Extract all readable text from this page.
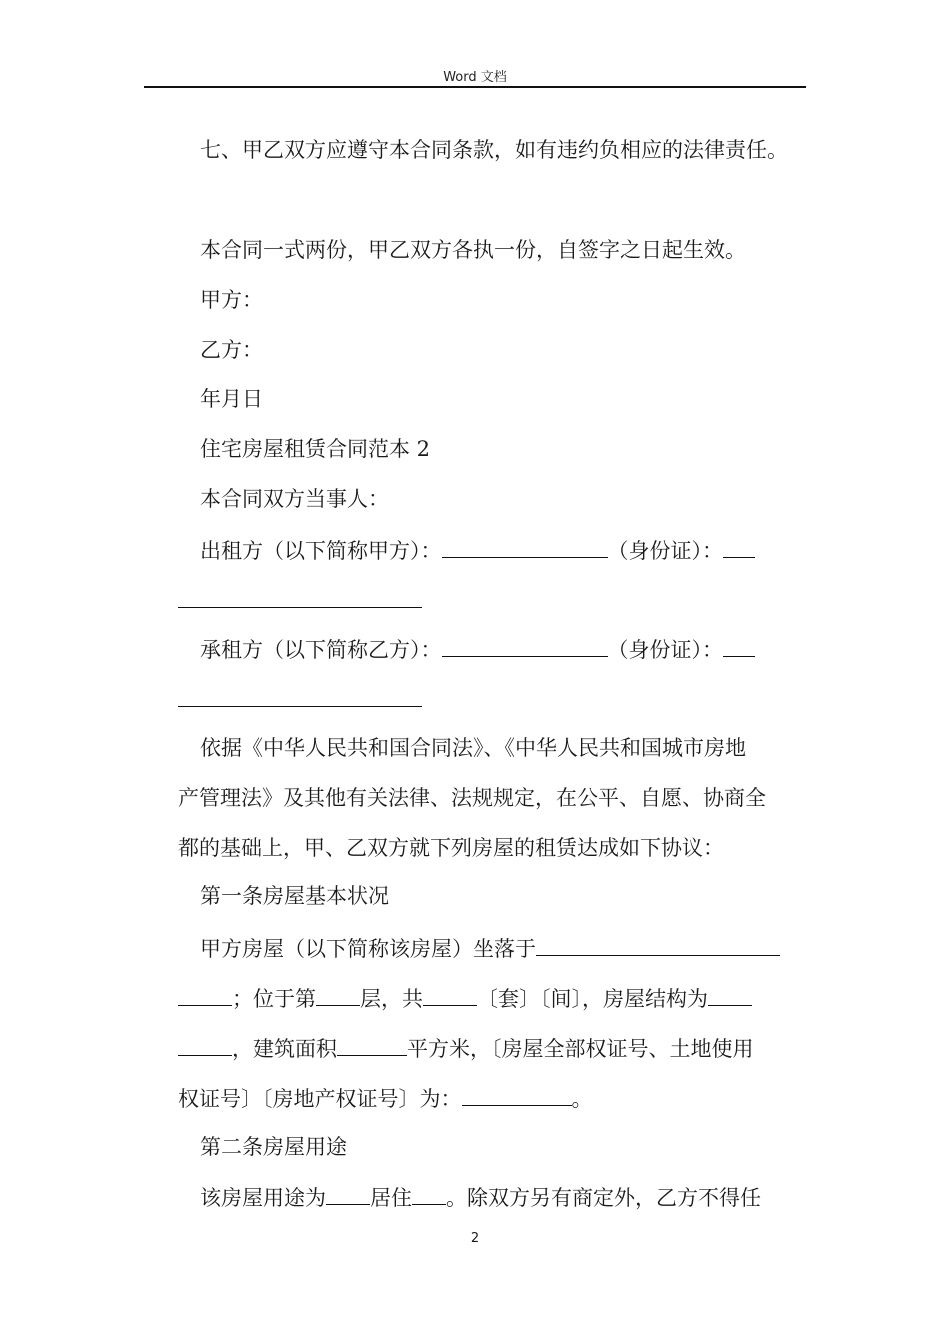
Word 文档
七、甲乙双方应遵守本合同条款，如有违约负相应的法律责任。
本合同一式两份，甲乙双方各执一份，自签字之日起生效。
甲方：
乙方：
年月日
住宅房屋租赁合同范本 2
本合同双方当事人：
出租方（以下简称甲方）：	（身份证）：
承租方（以下简称乙方）：	（身份证）：
依据《中华人民共和国合同法》、《中华人民共和国城市房地
产管理法》及其他有关法律、法规规定，在公平、自愿、协商全
都的基础上，甲、乙双方就下列房屋的租赁达成如下协议：
第一条房屋基本状况
甲方房屋（以下简称该房屋）坐落于
；位于第 层，共	〔套〕〔间〕，房屋结构为
，建筑面积	平方米，〔房屋全部权证号、土地使用
权证号〕〔房地产权证号〕为：	。
第二条房屋用途
该房屋用途为 居住 。除双方另有商定外，乙方不得任
2
